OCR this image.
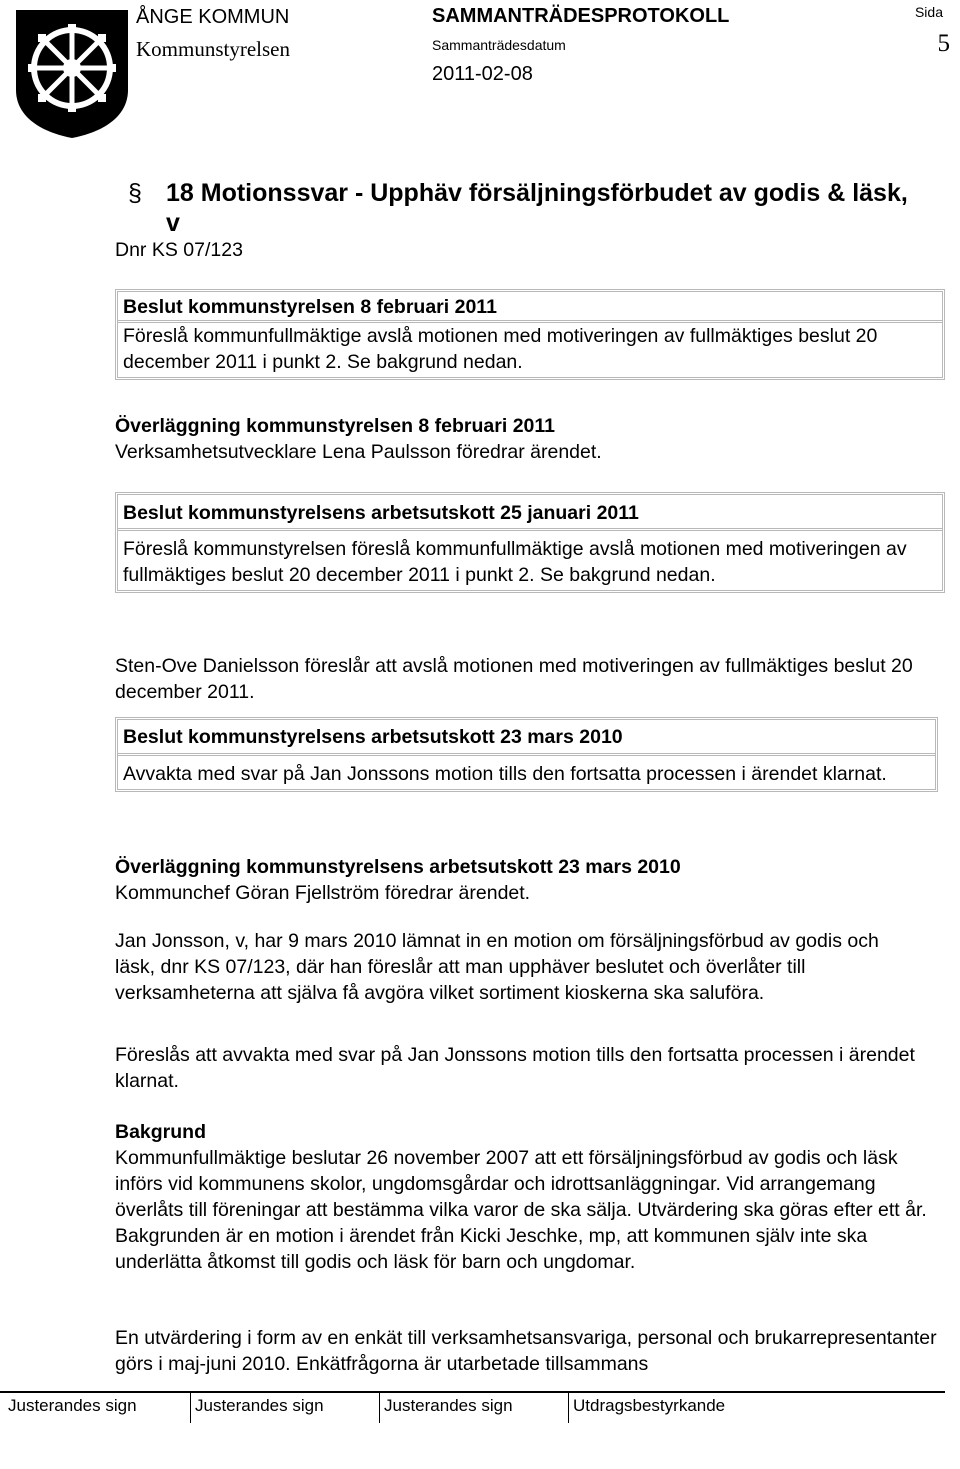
ÅNGE KOMMUN
Kommunstyrelsen
SAMMANTRÄDESPROTOKOLL
Sammanträdesdatum
2011-02-08
Sida
5
§ 18 Motionssvar - Upphäv försäljningsförbudet av godis & läsk, v
Dnr KS 07/123
Beslut kommunstyrelsen 8 februari 2011
Föreslå kommunfullmäktige avslå motionen med motiveringen av fullmäktiges beslut 20 december 2011 i punkt 2. Se bakgrund nedan.
Överläggning kommunstyrelsen 8 februari 2011
Verksamhetsutvecklare Lena Paulsson föredrar ärendet.
Beslut kommunstyrelsens arbetsutskott 25 januari 2011
Föreslå kommunstyrelsen föreslå kommunfullmäktige avslå motionen med motiveringen av fullmäktiges beslut 20 december 2011 i punkt 2. Se bakgrund nedan.
Sten-Ove Danielsson föreslår att avslå motionen med motiveringen av fullmäktiges beslut 20 december 2011.
Beslut kommunstyrelsens arbetsutskott 23 mars 2010
Avvakta med svar på Jan Jonssons motion tills den fortsatta processen i ärendet klarnat.
Överläggning kommunstyrelsens arbetsutskott 23 mars 2010
Kommunchef Göran Fjellström föredrar ärendet.
Jan Jonsson, v, har 9 mars 2010 lämnat in en motion om försäljningsförbud av godis och läsk, dnr KS 07/123, där han föreslår att man upphäver beslutet och överlåter till verksamheterna att själva få avgöra vilket sortiment kioskerna ska saluföra.
Föreslås att avvakta med svar på Jan Jonssons motion tills den fortsatta processen i ärendet klarnat.
Bakgrund
Kommunfullmäktige beslutar 26 november 2007 att ett försäljningsförbud av godis och läsk införs vid kommunens skolor, ungdomsgårdar och idrottsanläggningar. Vid arrangemang överlåts till föreningar att bestämma vilka varor de ska sälja. Utvärdering ska göras efter ett år. Bakgrunden är en motion i ärendet från Kicki Jeschke, mp, att kommunen själv inte ska underlätta åtkomst till godis och läsk för barn och ungdomar.
En utvärdering i form av en enkät till verksamhetsansvariga, personal och brukarrepresentanter görs i maj-juni 2010. Enkätfrågorna är utarbetade tillsammans
Justerandes sign	Justerandes sign	Justerandes sign	Utdragsbestyrkande
